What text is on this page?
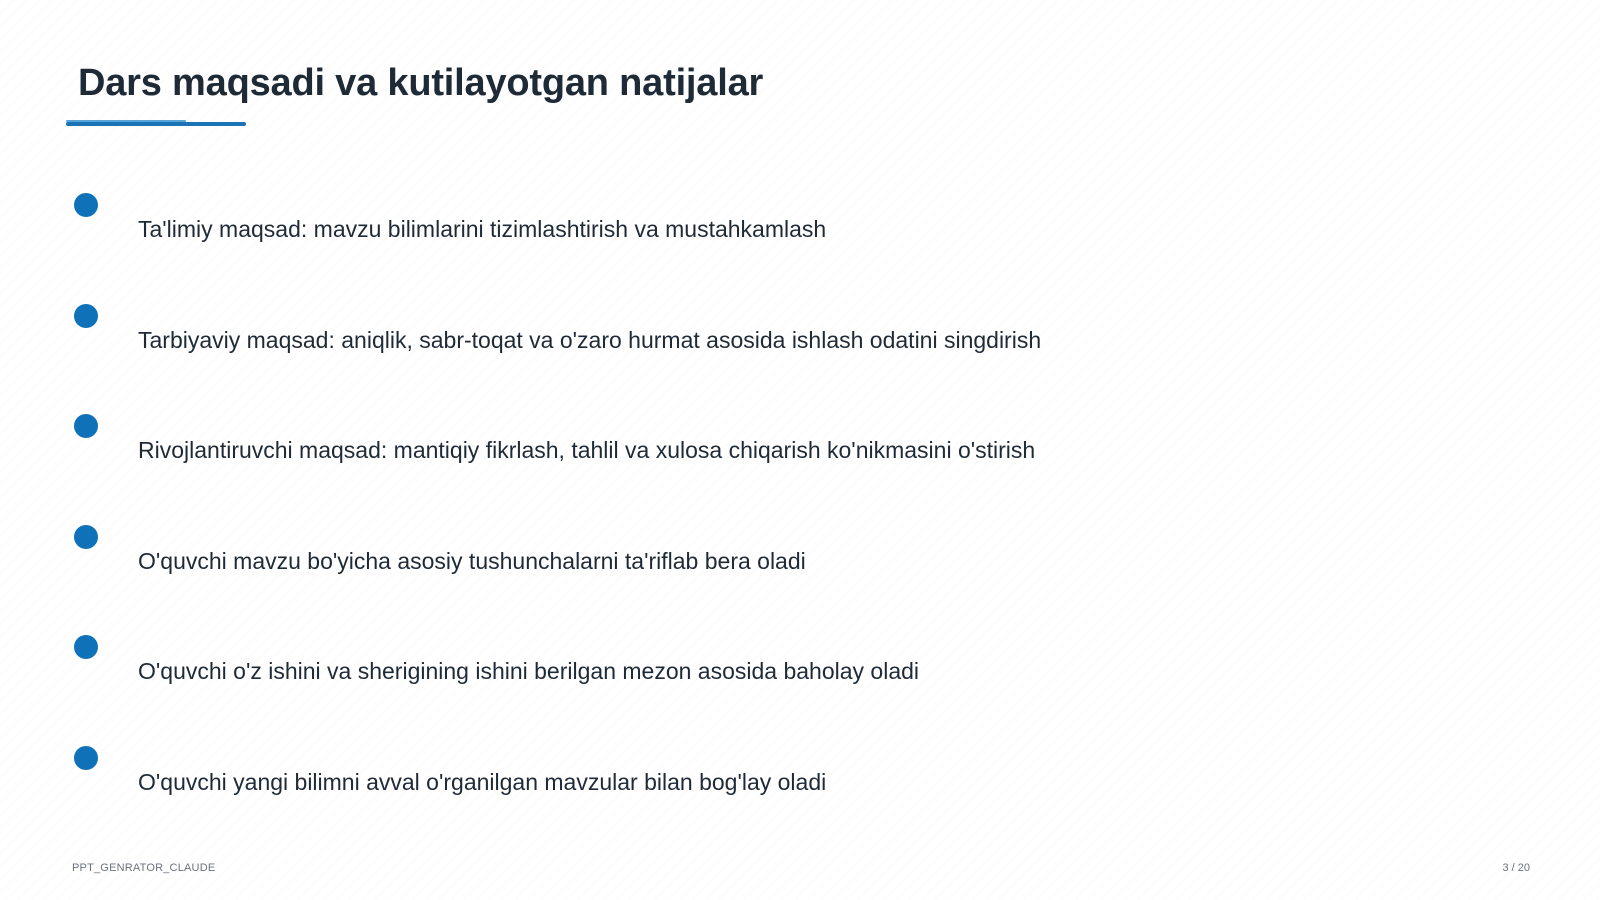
Dars maqsadi va kutilayotgan natijalar
Ta'limiy maqsad: mavzu bilimlarini tizimlashtirish va mustahkamlash
Tarbiyaviy maqsad: aniqlik, sabr-toqat va o'zaro hurmat asosida ishlash odatini singdirish
Rivojlantiruvchi maqsad: mantiqiy fikrlash, tahlil va xulosa chiqarish ko'nikmasini o'stirish
O'quvchi mavzu bo'yicha asosiy tushunchalarni ta'riflab bera oladi
O'quvchi o'z ishini va sherigining ishini berilgan mezon asosida baholay oladi
O'quvchi yangi bilimni avval o'rganilgan mavzular bilan bog'lay oladi
PPT_GENRATOR_CLAUDE	3 / 20
